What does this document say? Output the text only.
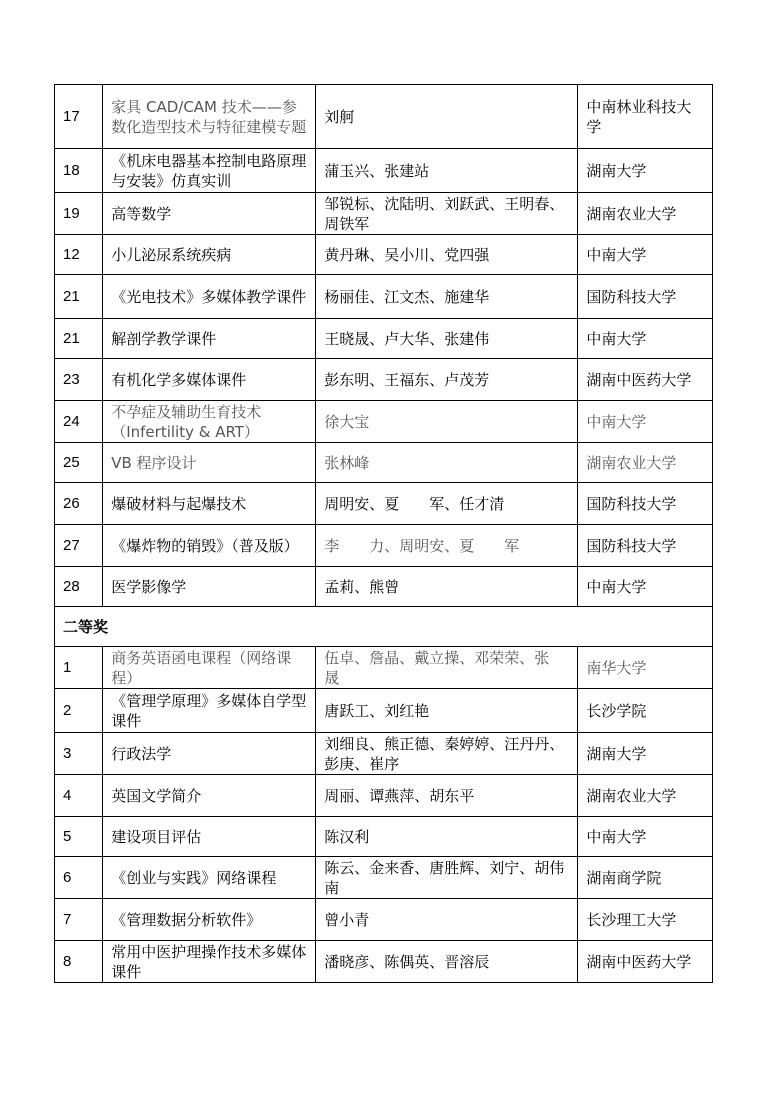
17	家具 CAD/CAM 技术——参数化造型技术与特征建模专题	刘舸	中南林业科技大学
18	《机床电器基本控制电路原理与安装》仿真实训	蒲玉兴、张建站	湖南大学
19	高等数学	邹锐标、沈陆明、刘跃武、王明春、周铁军	湖南农业大学
12	小儿泌尿系统疾病	黄丹琳、吴小川、党四强	中南大学
21	《光电技术》多媒体教学课件	杨丽佳、江文杰、施建华	国防科技大学
21	解剖学教学课件	王晓晟、卢大华、张建伟	中南大学
23	有机化学多媒体课件	彭东明、王福东、卢茂芳	湖南中医药大学
24	不孕症及辅助生育技术（Infertility & ART）	徐大宝	中南大学
25	VB 程序设计	张林峰	湖南农业大学
26	爆破材料与起爆技术	周明安、夏　　军、任才清	国防科技大学
27	《爆炸物的销毁》（普及版）	李　　力、周明安、夏　　军	国防科技大学
28	医学影像学	孟莉、熊曾	中南大学
二等奖			
1	商务英语函电课程（网络课程）	伍卓、詹晶、戴立操、邓荣荣、张　晟	南华大学
2	《管理学原理》多媒体自学型课件	唐跃工、刘红艳	长沙学院
3	行政法学	刘细良、熊正德、秦婷婷、汪丹丹、彭庚、崔序	湖南大学
4	英国文学简介	周丽、谭燕萍、胡东平	湖南农业大学
5	建设项目评估	陈汉利	中南大学
6	《创业与实践》网络课程	陈云、金来香、唐胜辉、刘宁、胡伟南	湖南商学院
7	《管理数据分析软件》	曾小青	长沙理工大学
8	常用中医护理操作技术多媒体课件	潘晓彦、陈偶英、晋溶辰	湖南中医药大学
